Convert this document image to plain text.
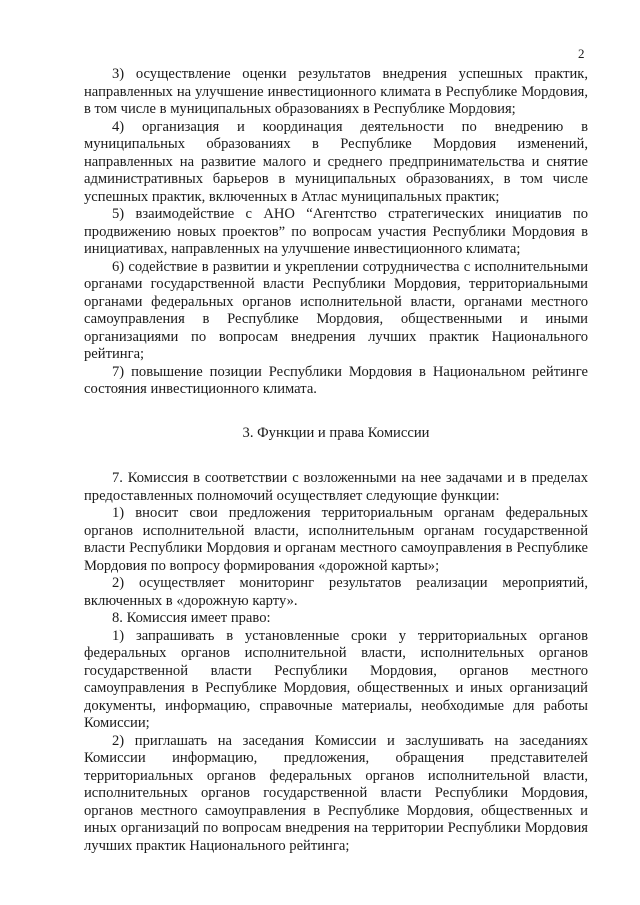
2

3) осуществление оценки результатов внедрения успешных практик, направленных на улучшение инвестиционного климата в Республике Мордовия, в том числе в муниципальных образованиях в Республике Мордовия;

4) организация и координация деятельности по внедрению в муниципальных образованиях в Республике Мордовия изменений, направленных на развитие малого и среднего предпринимательства и снятие административных барьеров в муниципальных образованиях, в том числе успешных практик, включенных в Атлас муниципальных практик;

5) взаимодействие с АНО “Агентство стратегических инициатив по продвижению новых проектов” по вопросам участия Республики Мордовия в инициативах, направленных на улучшение инвестиционного климата;

6) содействие в развитии и укреплении сотрудничества с исполнительными органами государственной власти Республики Мордовия, территориальными органами федеральных органов исполнительной власти, органами местного самоуправления в Республике Мордовия, общественными и иными организациями по вопросам внедрения лучших практик Национального рейтинга;

7) повышение позиции Республики Мордовия в Национальном рейтинге состояния инвестиционного климата.

3. Функции и права Комиссии

7. Комиссия в соответствии с возложенными на нее задачами и в пределах предоставленных полномочий осуществляет следующие функции:

1) вносит свои предложения территориальным органам федеральных органов исполнительной власти, исполнительным органам государственной власти Республики Мордовия и органам местного самоуправления в Республике Мордовия по вопросу формирования «дорожной карты»;

2) осуществляет мониторинг результатов реализации мероприятий, включенных в «дорожную карту».

8. Комиссия имеет право:

1) запрашивать в установленные сроки у территориальных органов федеральных органов исполнительной власти, исполнительных органов государственной власти Республики Мордовия, органов местного самоуправления в Республике Мордовия, общественных и иных организаций документы, информацию, справочные материалы, необходимые для работы Комиссии;

2) приглашать на заседания Комиссии и заслушивать на заседаниях Комиссии информацию, предложения, обращения представителей территориальных органов федеральных органов исполнительной власти, исполнительных органов государственной власти Республики Мордовия, органов местного самоуправления в Республике Мордовия, общественных и иных организаций по вопросам внедрения на территории Республики Мордовия лучших практик Национального рейтинга;
